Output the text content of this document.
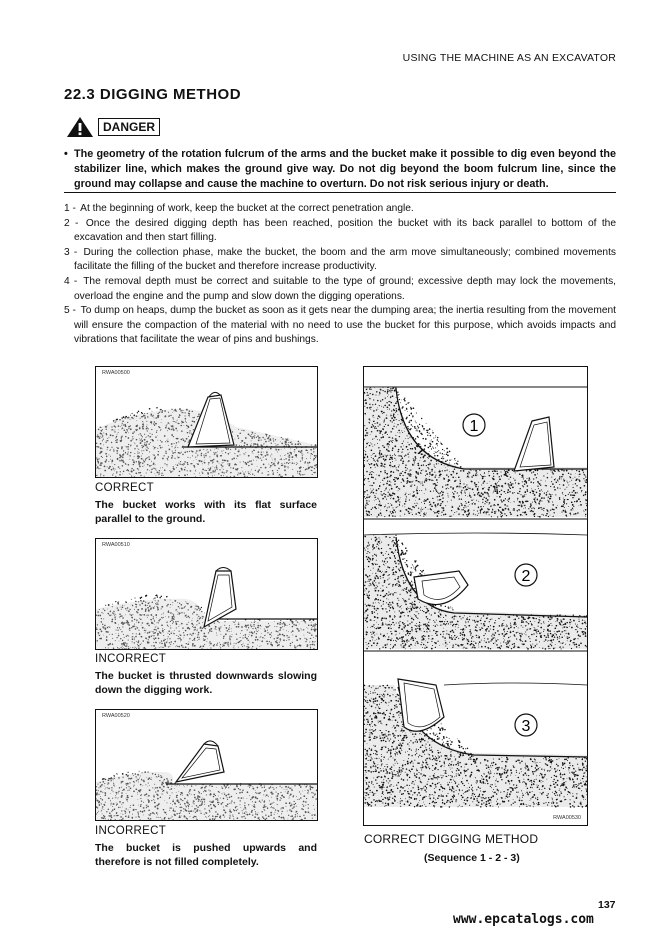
USING THE MACHINE AS AN EXCAVATOR
22.3 DIGGING METHOD
DANGER
• The geometry of the rotation fulcrum of the arms and the bucket make it possible to dig even beyond the stabilizer line, which makes the ground give way. Do not dig beyond the boom fulcrum line, since the ground may collapse and cause the machine to overturn. Do not risk serious injury or death.
1 - At the beginning of work, keep the bucket at the correct penetration angle.
2 - Once the desired digging depth has been reached, position the bucket with its back parallel to bottom of the excavation and then start filling.
3 - During the collection phase, make the bucket, the boom and the arm move simultaneously; combined movements facilitate the filling of the bucket and therefore increase productivity.
4 - The removal depth must be correct and suitable to the type of ground; excessive depth may lock the movements, overload the engine and the pump and slow down the digging operations.
5 - To dump on heaps, dump the bucket as soon as it gets near the dumping area; the inertia resulting from the movement will ensure the compaction of the material with no need to use the bucket for this purpose, which avoids impacts and vibrations that facilitate the wear of pins and bushings.
RWA00500
CORRECT
The bucket works with its flat surface parallel to the ground.
RWA00510
INCORRECT
The bucket is thrusted downwards slowing down the digging work.
RWA00520
INCORRECT
The bucket is pushed upwards and therefore is not filled completely.
1
2
3
RWA00530
CORRECT DIGGING METHOD
(Sequence 1 - 2 - 3)
137
www.epcatalogs.com
